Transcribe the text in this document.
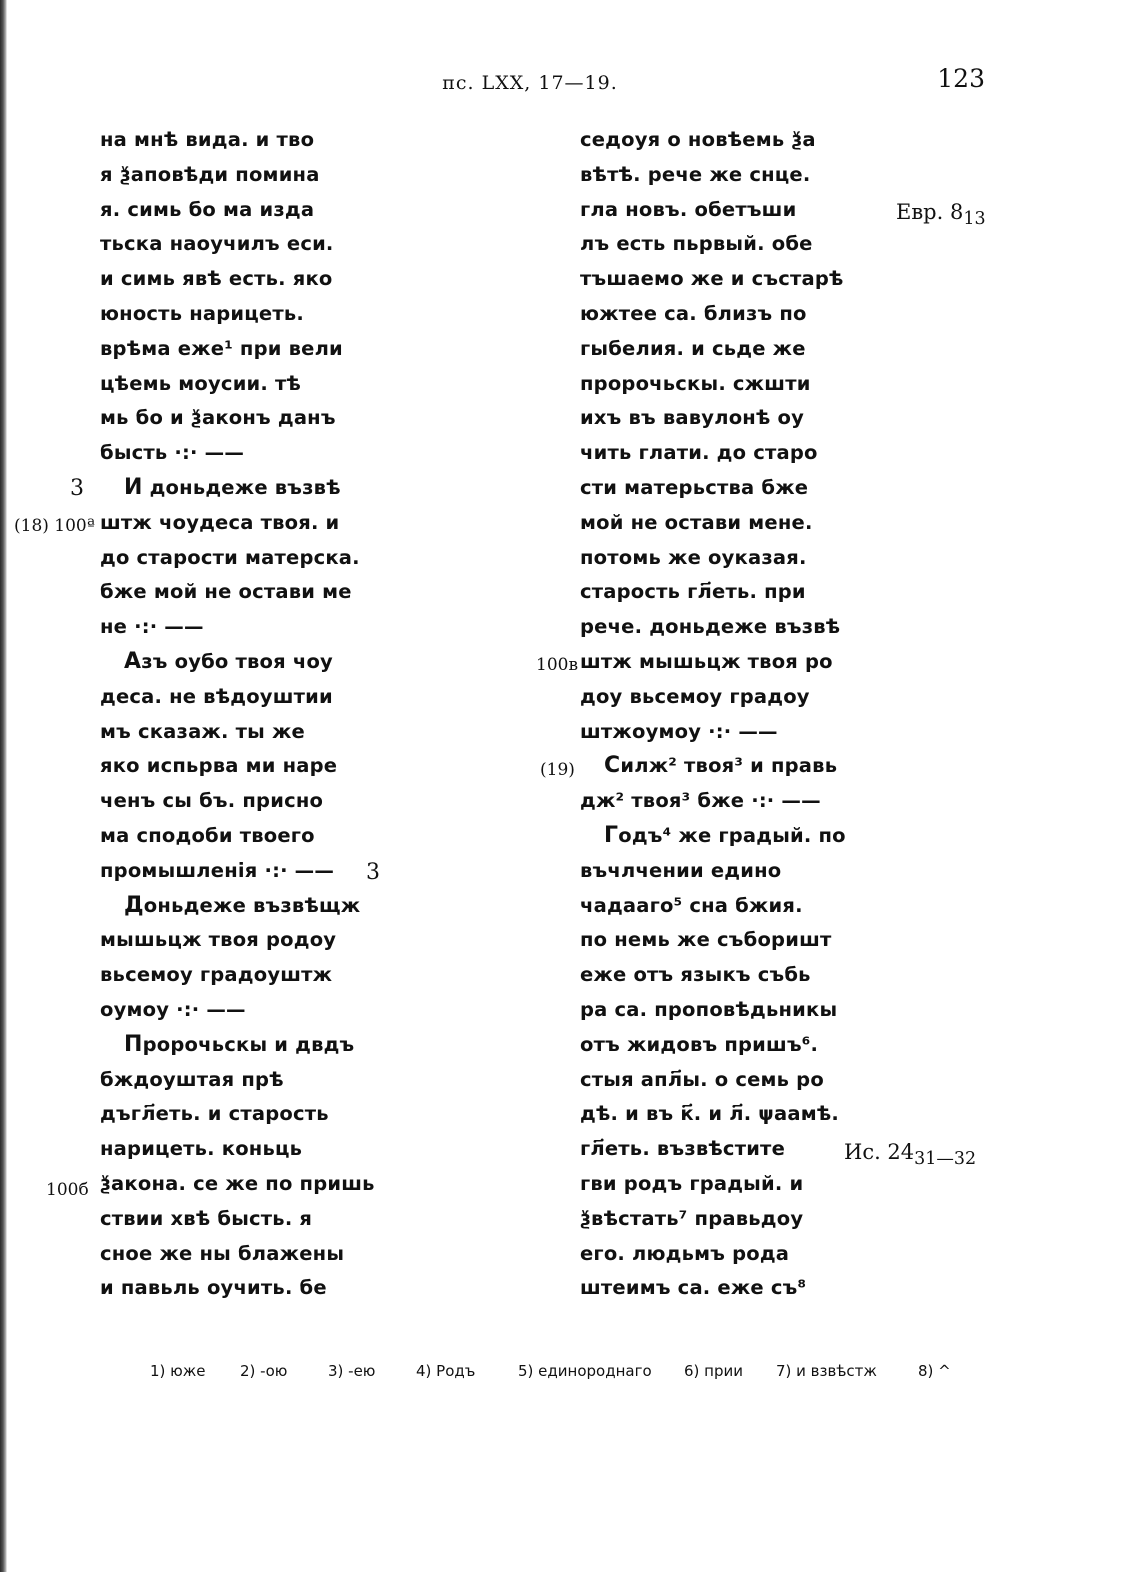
пс. LXX, 17—19.	123
на мнѣ вида. и тво
я ѯаповѣди помина
я. симь бо ма изда
тьска наоучилъ еси.
и симь явѣ есть. яко
юность нарицеть.
врѣма еже¹ при вели
цѣемь моусии. тѣ
мь бо и ѯаконъ данъ
бысть ·:· ——
И доньдеже възвѣ
штж чоудеса твоя. и
до старости матерска.
бже мой не остави ме
не ·:· ——
Азъ оубо твоя чоу
деса. не вѣдоуштии
мъ сказаж. ты же
яко испьрва ми наре
ченъ сы бъ. присно
ма сподоби твоего
промышленія ·:· ——
Доньдеже възвѣщж
мышьцж твоя родоу
вьсемоу градоуштж
оумоу ·:· ——
Пророчьскы и двдъ
бждоуштая прѣ
дъгл҃еть. и старость
нарицеть. коньць
ѯакона. се же по пришь
ствии хвѣ бысть. я
сное же ны блажены
и павьль оучить. бе
седоуя о новѣемь ѯа
вѣтѣ. рече же снце.
гла новъ. обетъши
лъ есть пьрвый. обе
тъшаемо же и състарѣ
южтее са. близъ по
гыбелия. и сьде же
пророчьскы. сжшти
ихъ въ вавулонѣ оу
чить глати. до старо
сти матерьства бже
мой не остави мене.
потомь же оуказая.
старость гл҃еть. при
рече. доньдеже възвѣ
штж мышьцж твоя ро
доу вьсемоу градоу
штжоумоу ·:· ——
Силж² твоя³ и правь
дж² твоя³ бже ·:· ——
Годъ⁴ же градый. по
въчлчении едино
чадааго⁵ сна бжия.
по немь же съборишт
еже отъ языкъ събь
ра са. проповѣдьникы
отъ жидовъ пришъ⁶.
стыя апл҃ы. о семь ро
дѣ. и въ к҃. и л҃. ψаамѣ.
гл҃еть. възвѣстите
гви родъ градый. и
ѯвѣстать⁷ правьдоу
его. людьмъ рода
штеимъ са. еже съ⁸
3
(18) 100ª
3
100б
100в
(19)
Евр. $8_{13}$
Ис. $24_{31—32}$
1) юже 2) -ою	3) -ею	4) Родъ	5) единороднаго 6) прии 7) и взвѣстж	8) ^
